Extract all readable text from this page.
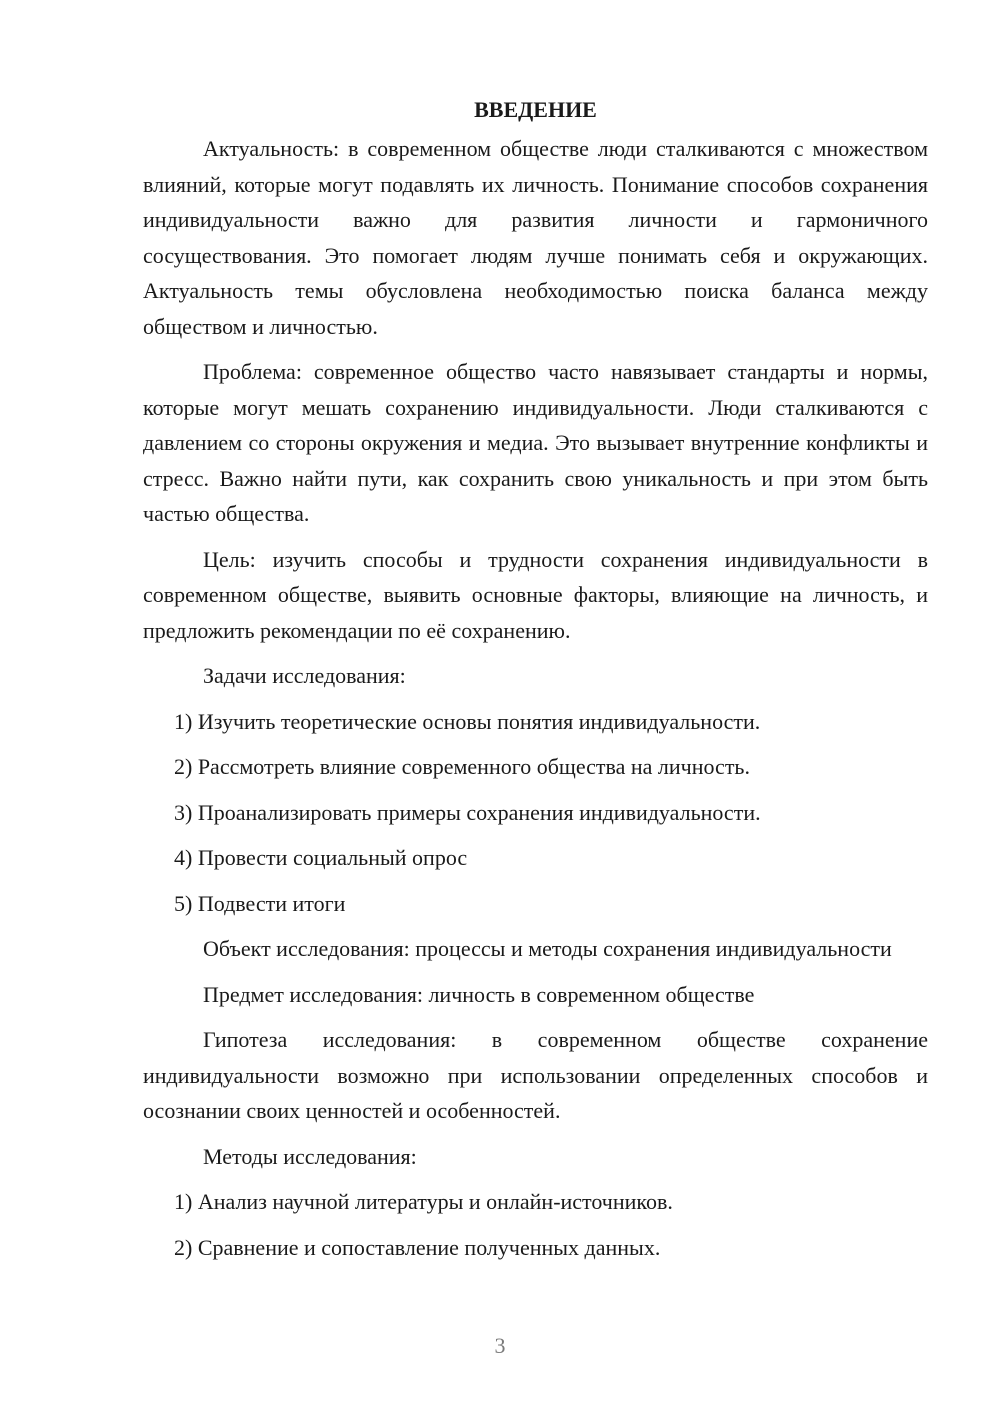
ВВЕДЕНИЕ

Актуальность: в современном обществе люди сталкиваются с множеством влияний, которые могут подавлять их личность. Понимание способов сохранения индивидуальности важно для развития личности и гармоничного сосуществования. Это помогает людям лучше понимать себя и окружающих. Актуальность темы обусловлена необходимостью поиска баланса между обществом и личностью.

Проблема: современное общество часто навязывает стандарты и нормы, которые могут мешать сохранению индивидуальности. Люди сталкиваются с давлением со стороны окружения и медиа. Это вызывает внутренние конфликты и стресс. Важно найти пути, как сохранить свою уникальность и при этом быть частью общества.

Цель: изучить способы и трудности сохранения индивидуальности в современном обществе, выявить основные факторы, влияющие на личность, и предложить рекомендации по её сохранению.

Задачи исследования:
1) Изучить теоретические основы понятия индивидуальности.
2) Рассмотреть влияние современного общества на личность.
3) Проанализировать примеры сохранения индивидуальности.
4) Провести социальный опрос
5) Подвести итоги

Объект исследования: процессы и методы сохранения индивидуальности

Предмет исследования: личность в современном обществе

Гипотеза исследования: в современном обществе сохранение индивидуальности возможно при использовании определенных способов и осознании своих ценностей и особенностей.

Методы исследования:
1) Анализ научной литературы и онлайн-источников.
2) Сравнение и сопоставление полученных данных.
3
